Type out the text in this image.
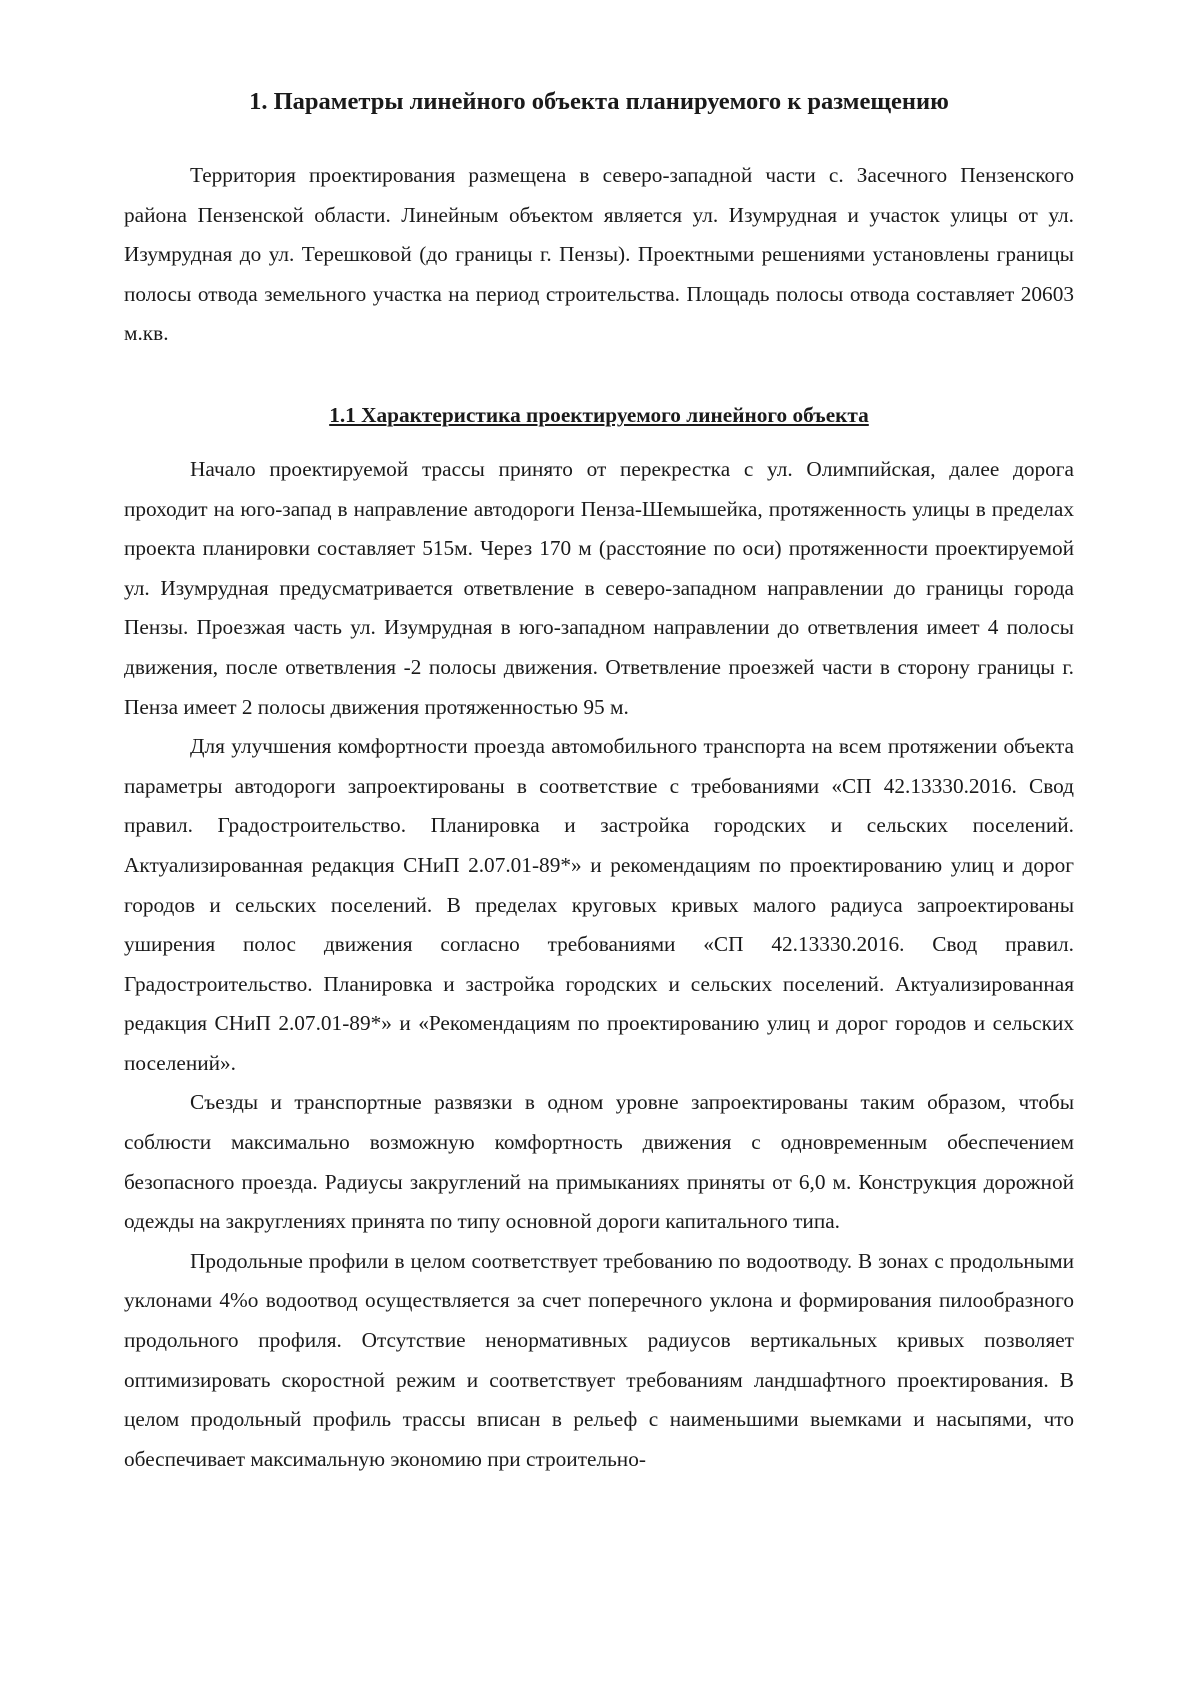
1. Параметры линейного объекта планируемого к размещению

Территория проектирования размещена в северо-западной части с. Засечного Пензенского района Пензенской области. Линейным объектом является ул. Изумрудная и участок улицы от ул. Изумрудная до ул. Терешковой (до границы г. Пензы). Проектными решениями установлены границы полосы отвода земельного участка на период строительства. Площадь полосы отвода составляет 20603 м.кв.

1.1 Характеристика проектируемого линейного объекта

Начало проектируемой трассы принято от перекрестка с ул. Олимпийская, далее дорога проходит на юго-запад в направление автодороги Пенза-Шемышейка, протяженность улицы в пределах проекта планировки составляет 515м. Через 170 м (расстояние по оси) протяженности проектируемой ул. Изумрудная предусматривается ответвление в северо-западном направлении до границы города Пензы. Проезжая часть ул. Изумрудная в юго-западном направлении до ответвления имеет 4 полосы движения, после ответвления -2 полосы движения. Ответвление проезжей части в сторону границы г. Пенза имеет 2 полосы движения протяженностью 95 м.

Для улучшения комфортности проезда автомобильного транспорта на всем протяжении объекта параметры автодороги запроектированы в соответствие с требованиями «СП 42.13330.2016. Свод правил. Градостроительство. Планировка и застройка городских и сельских поселений. Актуализированная редакция СНиП 2.07.01-89*» и рекомендациям по проектированию улиц и дорог городов и сельских поселений. В пределах круговых кривых малого радиуса запроектированы уширения полос движения согласно требованиями «СП 42.13330.2016. Свод правил. Градостроительство. Планировка и застройка городских и сельских поселений. Актуализированная редакция СНиП 2.07.01-89*» и «Рекомендациям по проектированию улиц и дорог городов и сельских поселений».

Съезды и транспортные развязки в одном уровне запроектированы таким образом, чтобы соблюсти максимально возможную комфортность движения с одновременным обеспечением безопасного проезда. Радиусы закруглений на примыканиях приняты от 6,0 м. Конструкция дорожной одежды на закруглениях принята по типу основной дороги капитального типа.

Продольные профили в целом соответствует требованию по водоотводу. В зонах с продольными уклонами 4%о водоотвод осуществляется за счет поперечного уклона и формирования пилообразного продольного профиля. Отсутствие ненормативных радиусов вертикальных кривых позволяет оптимизировать скоростной режим и соответствует требованиям ландшафтного проектирования. В целом продольный профиль трассы вписан в рельеф с наименьшими выемками и насыпями, что обеспечивает максимальную экономию при строительно-
